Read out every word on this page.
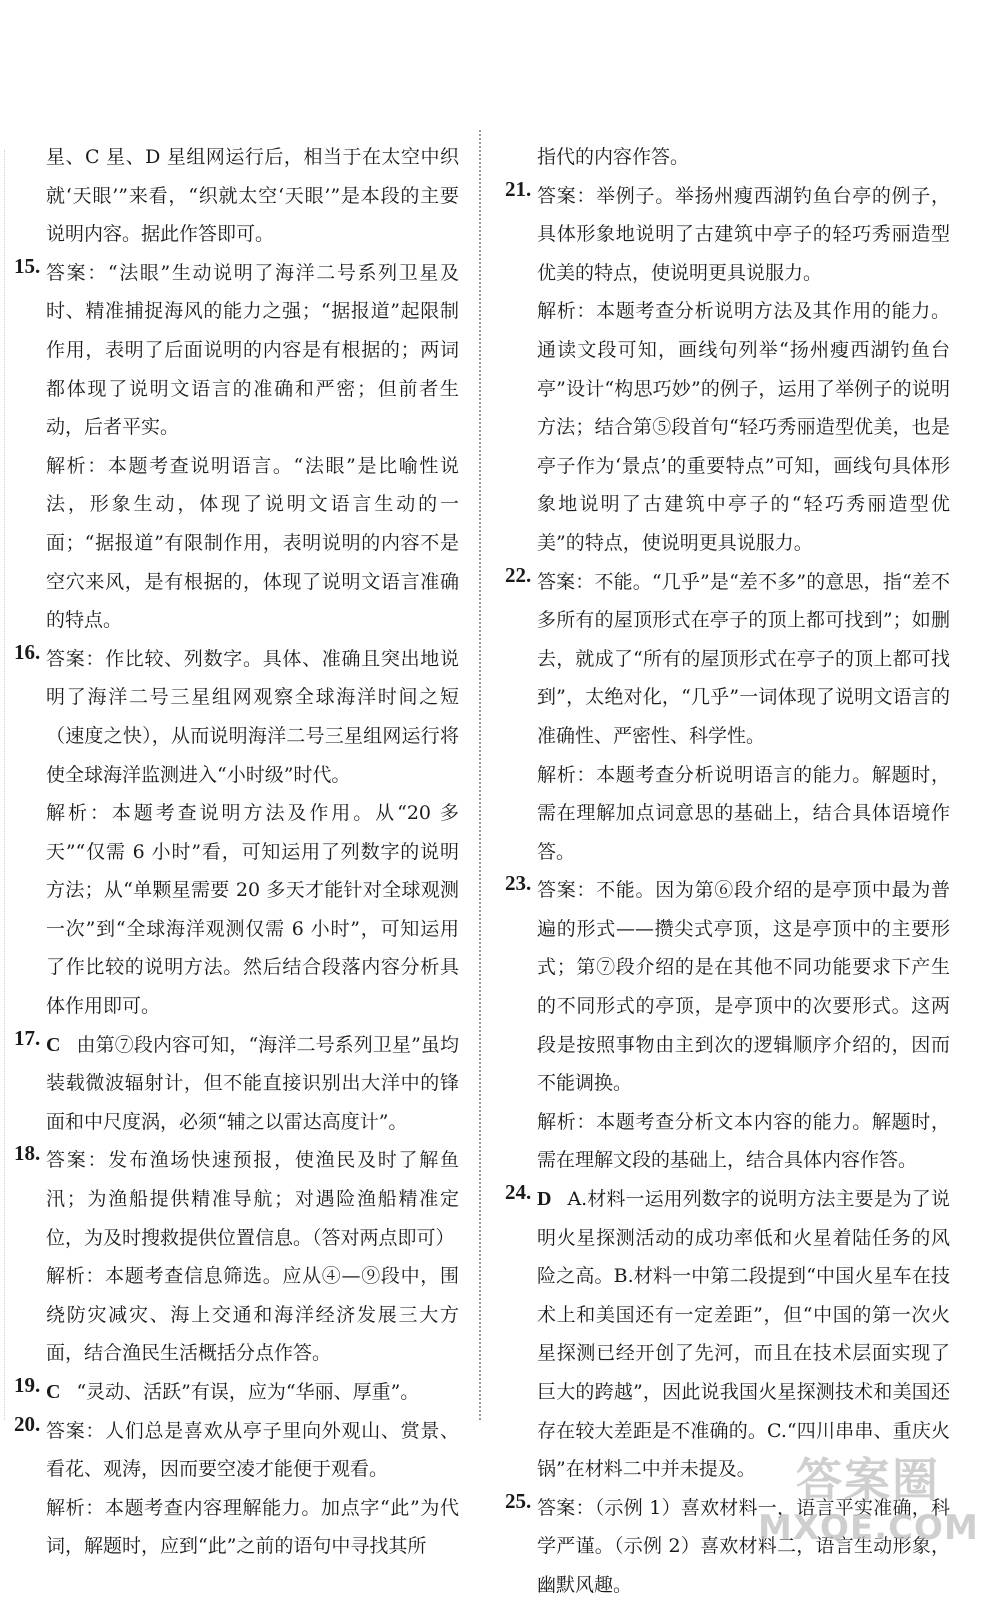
星、C 星、D 星组网运行后，相当于在太空中织就‘天眼’”来看，“织就太空‘天眼’”是本段的主要说明内容。据此作答即可。

15. 答案：“法眼”生动说明了海洋二号系列卫星及时、精准捕捉海风的能力之强；“据报道”起限制作用，表明了后面说明的内容是有根据的；两词都体现了说明文语言的准确和严密；但前者生动，后者平实。

解析：本题考查说明语言。“法眼”是比喻性说法，形象生动，体现了说明文语言生动的一面；“据报道”有限制作用，表明说明的内容不是空穴来风，是有根据的，体现了说明文语言准确的特点。

16. 答案：作比较、列数字。具体、准确且突出地说明了海洋二号三星组网观察全球海洋时间之短（速度之快），从而说明海洋二号三星组网运行将使全球海洋监测进入“小时级”时代。

解析：本题考查说明方法及作用。从“20 多天”“仅需 6 小时”看，可知运用了列数字的说明方法；从“单颗星需要 20 多天才能针对全球观测一次”到“全球海洋观测仅需 6 小时”，可知运用了作比较的说明方法。然后结合段落内容分析具体作用即可。

17. C 由第⑦段内容可知，“海洋二号系列卫星”虽均装载微波辐射计，但不能直接识别出大洋中的锋面和中尺度涡，必须“辅之以雷达高度计”。

18. 答案：发布渔场快速预报，使渔民及时了解鱼汛；为渔船提供精准导航；对遇险渔船精准定位，为及时搜救提供位置信息。（答对两点即可）

解析：本题考查信息筛选。应从④—⑨段中，围绕防灾减灾、海上交通和海洋经济发展三大方面，结合渔民生活概括分点作答。

19. C “灵动、活跃”有误，应为“华丽、厚重”。

20. 答案：人们总是喜欢从亭子里向外观山、赏景、看花、观涛，因而要空凌才能便于观看。

解析：本题考查内容理解能力。加点字“此”为代词，解题时，应到“此”之前的语句中寻找其所

指代的内容作答。

21. 答案：举例子。举扬州瘦西湖钓鱼台亭的例子，具体形象地说明了古建筑中亭子的轻巧秀丽造型优美的特点，使说明更具说服力。

解析：本题考查分析说明方法及其作用的能力。通读文段可知，画线句列举“扬州瘦西湖钓鱼台亭”设计“构思巧妙”的例子，运用了举例子的说明方法；结合第⑤段首句“轻巧秀丽造型优美，也是亭子作为‘景点’的重要特点”可知，画线句具体形象地说明了古建筑中亭子的“轻巧秀丽造型优美”的特点，使说明更具说服力。

22. 答案：不能。“几乎”是“差不多”的意思，指“差不多所有的屋顶形式在亭子的顶上都可找到”；如删去，就成了“所有的屋顶形式在亭子的顶上都可找到”，太绝对化，“几乎”一词体现了说明文语言的准确性、严密性、科学性。

解析：本题考查分析说明语言的能力。解题时，需在理解加点词意思的基础上，结合具体语境作答。

23. 答案：不能。因为第⑥段介绍的是亭顶中最为普遍的形式——攒尖式亭顶，这是亭顶中的主要形式；第⑦段介绍的是在其他不同功能要求下产生的不同形式的亭顶，是亭顶中的次要形式。这两段是按照事物由主到次的逻辑顺序介绍的，因而不能调换。

解析：本题考查分析文本内容的能力。解题时，需在理解文段的基础上，结合具体内容作答。

24. D A.材料一运用列数字的说明方法主要是为了说明火星探测活动的成功率低和火星着陆任务的风险之高。B.材料一中第二段提到“中国火星车在技术上和美国还有一定差距”，但“中国的第一次火星探测已经开创了先河，而且在技术层面实现了巨大的跨越”，因此说我国火星探测技术和美国还存在较大差距是不准确的。C.“四川串串、重庆火锅”在材料二中并未提及。

25. 答案：（示例 1）喜欢材料一，语言平实准确，科学严谨。（示例 2）喜欢材料二，语言生动形象，幽默风趣。

答案圈
MXQE.COM
